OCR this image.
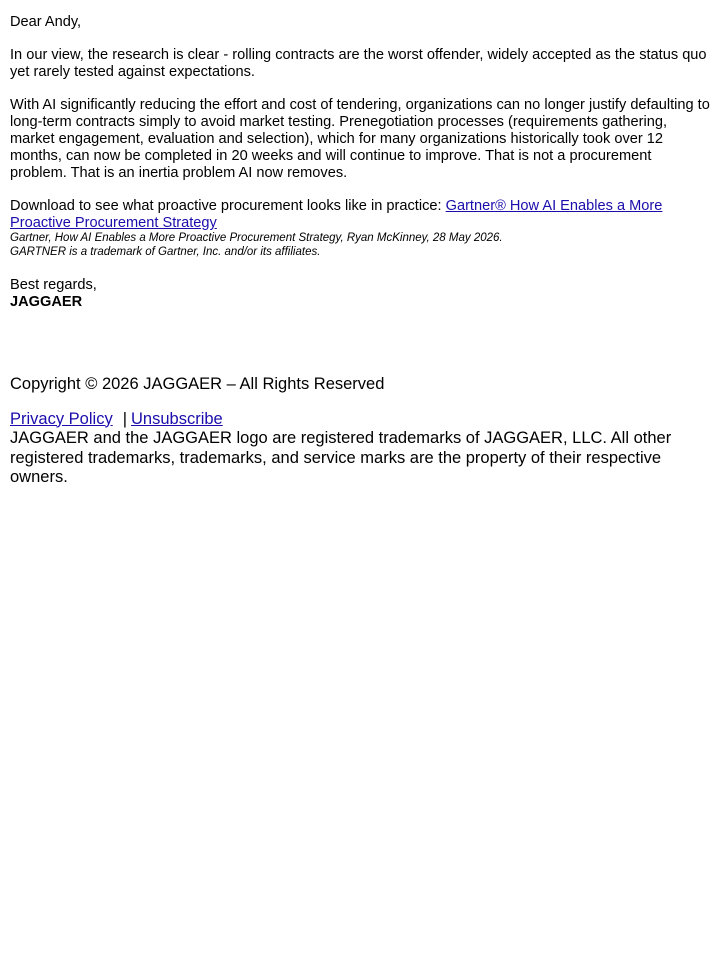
Dear Andy,

In our view, the research is clear - rolling contracts are the worst offender, widely accepted as the status quo yet rarely tested against expectations.

With AI significantly reducing the effort and cost of tendering, organizations can no longer justify defaulting to long-term contracts simply to avoid market testing. Prenegotiation processes (requirements gathering, market engagement, evaluation and selection), which for many organizations historically took over 12 months, can now be completed in 20 weeks and will continue to improve. That is not a procurement problem. That is an inertia problem AI now removes.

Download to see what proactive procurement looks like in practice: Gartner® How AI Enables a More Proactive Procurement Strategy

Gartner, How AI Enables a More Proactive Procurement Strategy, Ryan McKinney, 28 May 2026.
GARTNER is a trademark of Gartner, Inc. and/or its affiliates.
Best regards,
JAGGAER
Copyright © 2026 JAGGAER – All Rights Reserved
Privacy Policy | Unsubscribe
JAGGAER and the JAGGAER logo are registered trademarks of JAGGAER, LLC. All other registered trademarks, trademarks, and service marks are the property of their respective owners.
